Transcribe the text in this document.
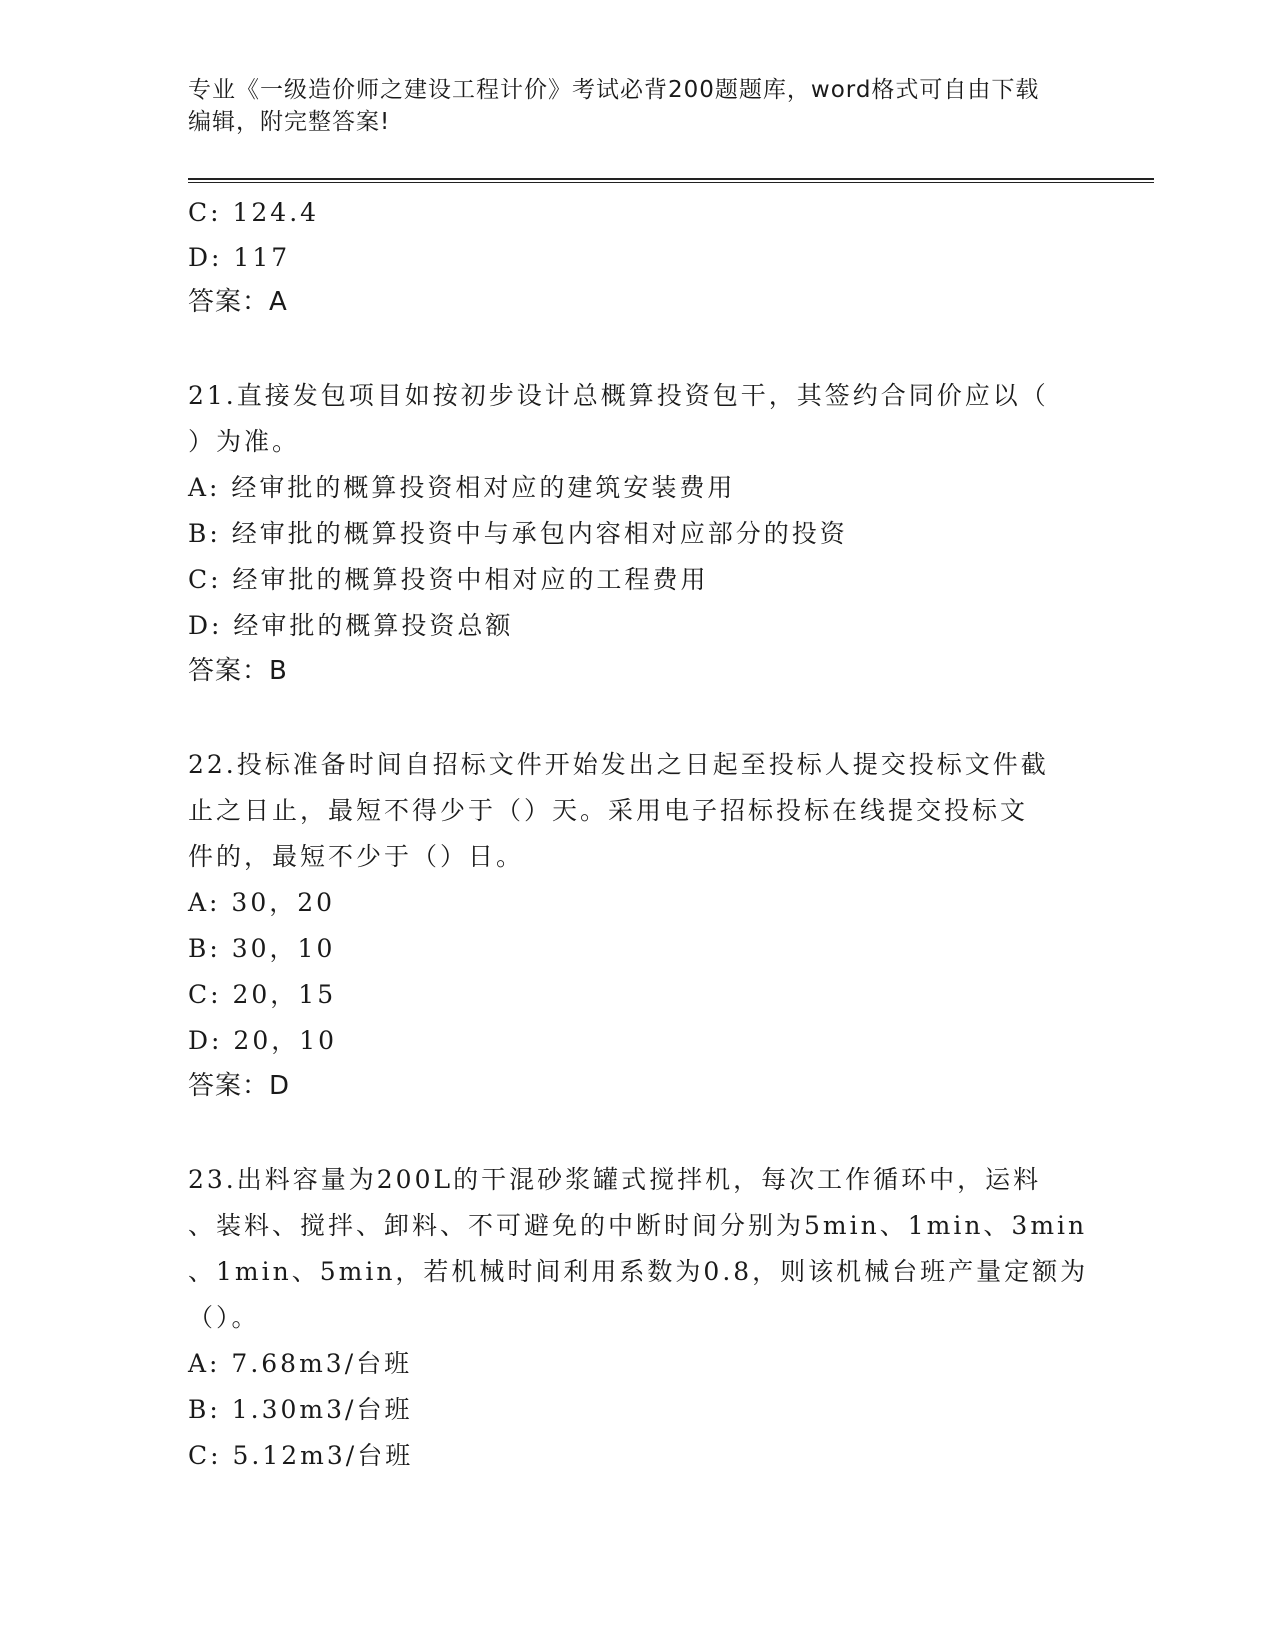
专业《一级造价师之建设工程计价》考试必背200题题库，word格式可自由下载
编辑，附完整答案!
C: 124.4
D: 117
答案：A
21.直接发包项目如按初步设计总概算投资包干，其签约合同价应以（
）为准。
A: 经审批的概算投资相对应的建筑安装费用
B: 经审批的概算投资中与承包内容相对应部分的投资
C: 经审批的概算投资中相对应的工程费用
D: 经审批的概算投资总额
答案：B
22.投标准备时间自招标文件开始发出之日起至投标人提交投标文件截
止之日止，最短不得少于（）天。采用电子招标投标在线提交投标文
件的，最短不少于（）日。
A: 30，20
B: 30，10
C: 20，15
D: 20，10
答案：D
23.出料容量为200L的干混砂浆罐式搅拌机，每次工作循环中，运料
、装料、搅拌、卸料、不可避免的中断时间分别为5min、1min、3min
、1min、5min，若机械时间利用系数为0.8，则该机械台班产量定额为
（）。
A: 7.68m3/台班
B: 1.30m3/台班
C: 5.12m3/台班
